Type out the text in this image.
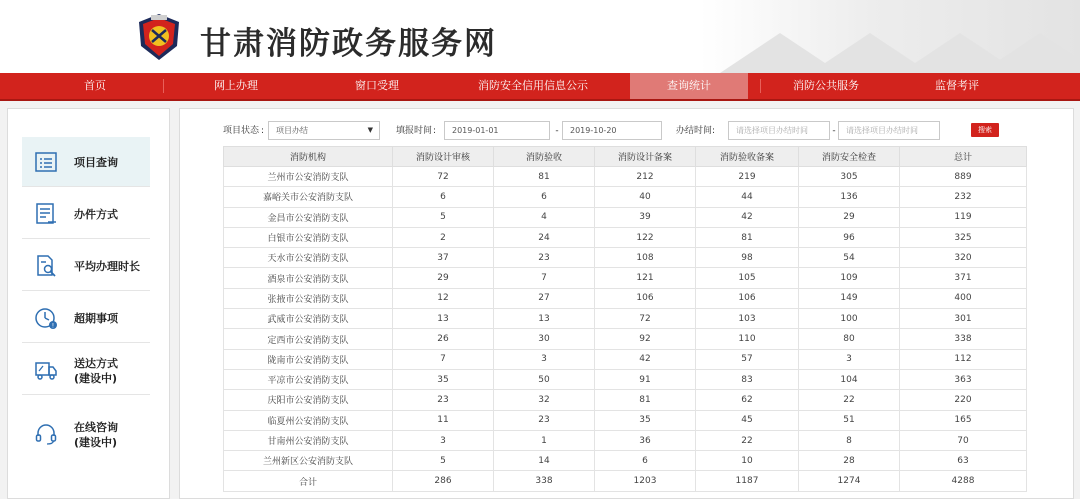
甘肃消防政务服务网
首页	网上办理	窗口受理	消防安全信用信息公示	查询统计	消防公共服务	监督考评
项目查询
办件方式
平均办理时长
!
超期事项
送达方式
(建设中)
在线咨询
(建设中)
项目状态 :	项目办结	▼	填报时间 :	2019-01-01	-	2019-10-20	办结时间 :	请选择项目办结时间	-	请选择项目办结时间	搜索
消防机构	消防设计审核	消防验收	消防设计备案	消防验收备案	消防安全检查	总计
兰州市公安消防支队	72	81	212	219	305	889
嘉峪关市公安消防支队	6	6	40	44	136	232
金昌市公安消防支队	5	4	39	42	29	119
白银市公安消防支队	2	24	122	81	96	325
天水市公安消防支队	37	23	108	98	54	320
酒泉市公安消防支队	29	7	121	105	109	371
张掖市公安消防支队	12	27	106	106	149	400
武威市公安消防支队	13	13	72	103	100	301
定西市公安消防支队	26	30	92	110	80	338
陇南市公安消防支队	7	3	42	57	3	112
平凉市公安消防支队	35	50	91	83	104	363
庆阳市公安消防支队	23	32	81	62	22	220
临夏州公安消防支队	11	23	35	45	51	165
甘南州公安消防支队	3	1	36	22	8	70
兰州新区公安消防支队	5	14	6	10	28	63
合计	286	338	1203	1187	1274	4288
